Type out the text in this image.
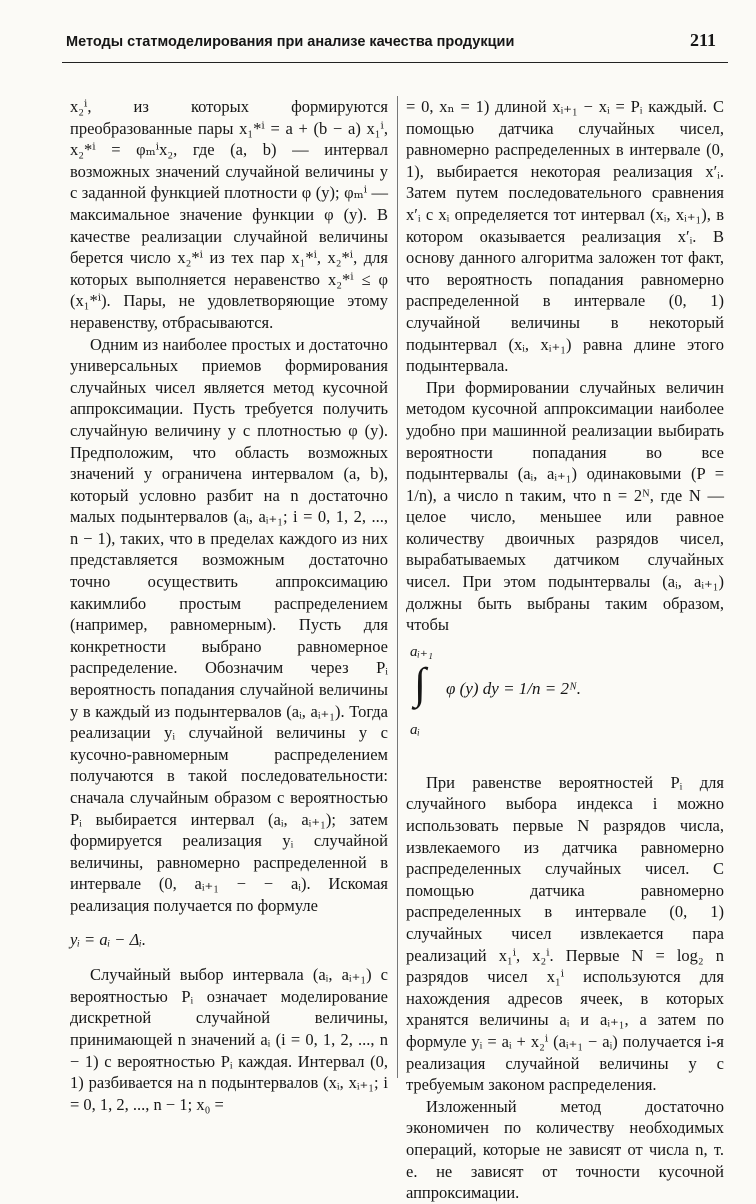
Методы статмоделирования при анализе качества продукции	211

x₂ⁱ, из которых формируются преобразованные пары x₁*ⁱ = a + (b − a) x₁ⁱ, x₂*ⁱ = φₘⁱx₂, где (a, b) — интервал возможных значений случайной величины y с заданной функцией плотности φ (y); φₘⁱ — максимальное значение функции φ (y). В качестве реализации случайной величины берется число x₂*ⁱ из тех пар x₁*ⁱ, x₂*ⁱ, для которых выполняется неравенство x₂*ⁱ ≤ φ (x₁*ⁱ). Пары, не удовлетворяющие этому неравенству, отбрасываются.

Одним из наиболее простых и достаточно универсальных приемов формирования случайных чисел является метод кусочной аппроксимации. Пусть требуется получить случайную величину y с плотностью φ (y). Предположим, что область возможных значений y ограничена интервалом (a, b), который условно разбит на n достаточно малых подынтервалов (aᵢ, aᵢ₊₁; i = 0, 1, 2, ..., n − 1), таких, что в пределах каждого из них представляется возможным достаточно точно осуществить аппроксимацию какимлибо простым распределением (например, равномерным). Пусть для конкретности выбрано равномерное распределение. Обозначим через Pᵢ вероятность попадания случайной величины y в каждый из подынтервалов (aᵢ, aᵢ₊₁). Тогда реализации yᵢ случайной величины y с кусочно-равномерным распределением получаются в такой последовательности: сначала случайным образом с вероятностью Pᵢ выбирается интервал (aᵢ, aᵢ₊₁); затем формируется реализация yᵢ случайной величины, равномерно распределенной в интервале (0, aᵢ₊₁ − − aᵢ). Искомая реализация получается по формуле

yᵢ = aᵢ − Δᵢ.

Случайный выбор интервала (aᵢ, aᵢ₊₁) с вероятностью Pᵢ означает моделирование дискретной случайной величины, принимающей n значений aᵢ (i = 0, 1, 2, ..., n − 1) с вероятностью Pᵢ каждая. Интервал (0, 1) разбивается на n подынтервалов (xᵢ, xᵢ₊₁; i = 0, 1, 2, ..., n − 1; x₀ =

= 0, xₙ = 1) длиной xᵢ₊₁ − xᵢ = Pᵢ каждый. С помощью датчика случайных чисел, равномерно распределенных в интервале (0, 1), выбирается некоторая реализация x′ᵢ. Затем путем последовательного сравнения x′ᵢ с xᵢ определяется тот интервал (xᵢ, xᵢ₊₁), в котором оказывается реализация x′ᵢ. В основу данного алгоритма заложен тот факт, что вероятность попадания равномерно распределенной в интервале (0, 1) случайной величины в некоторый подынтервал (xᵢ, xᵢ₊₁) равна длине этого подынтервала.

При формировании случайных величин методом кусочной аппроксимации наиболее удобно при машинной реализации выбирать вероятности попадания во все подынтервалы (aᵢ, aᵢ₊₁) одинаковыми (P = 1/n), а число n таким, что n = 2ᴺ, где N — целое число, меньшее или равное количеству двоичных разрядов чисел, вырабатываемых датчиком случайных чисел. При этом подынтервалы (aᵢ, aᵢ₊₁) должны быть выбраны таким образом, чтобы

aᵢ₊₁
∫
aᵢ
φ (y) dy = 1/n = 2ᴺ.

При равенстве вероятностей Pᵢ для случайного выбора индекса i можно использовать первые N разрядов числа, извлекаемого из датчика равномерно распределенных случайных чисел. С помощью датчика равномерно распределенных в интервале (0, 1) случайных чисел извлекается пара реализаций x₁ⁱ, x₂ⁱ. Первые N = log₂ n разрядов чисел x₁ⁱ используются для нахождения адресов ячеек, в которых хранятся величины aᵢ и aᵢ₊₁, а затем по формуле yᵢ = aᵢ + x₂ⁱ (aᵢ₊₁ − aᵢ) получается i-я реализация случайной величины y с требуемым законом распределения.

Изложенный метод достаточно экономичен по количеству необходимых операций, которые не зависят от числа n, т. е. не зависят от точности кусочной аппроксимации.
